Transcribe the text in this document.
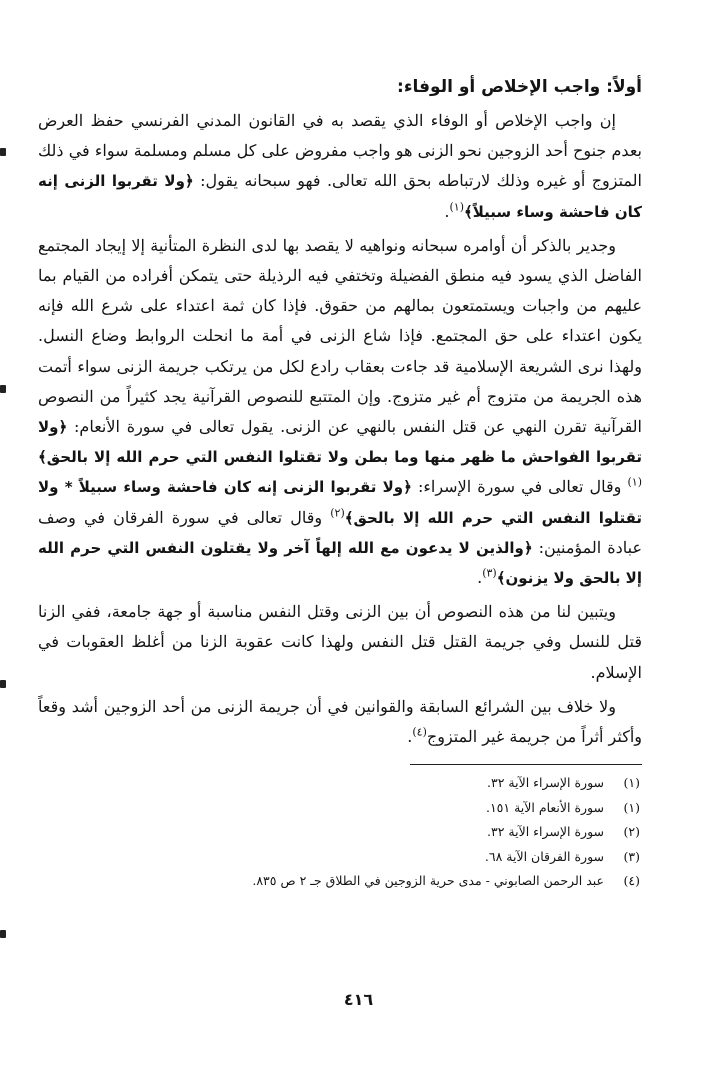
أولاً: واجب الإخلاص أو الوفاء:

إن واجب الإخلاص أو الوفاء الذي يقصد به في القانون المدني الفرنسي حفظ العرض بعدم جنوح أحد الزوجين نحو الزنى هو واجب مفروض على كل مسلم ومسلمة سواء في ذلك المتزوج أو غيره وذلك لارتباطه بحق الله تعالى. فهو سبحانه يقول: ﴿ولا تقربوا الزنى إنه كان فاحشة وساء سبيلاً﴾$^{(١)}$.

وجدير بالذكر أن أوامره سبحانه ونواهيه لا يقصد بها لدى النظرة المتأنية إلا إيجاد المجتمع الفاضل الذي يسود فيه منطق الفضيلة وتختفي فيه الرذيلة حتى يتمكن أفراده من القيام بما عليهم من واجبات ويستمتعون بمالهم من حقوق. فإذا كان ثمة اعتداء على شرع الله فإنه يكون اعتداء على حق المجتمع. فإذا شاع الزنى في أمة ما انحلت الروابط وضاع النسل. ولهذا نرى الشريعة الإسلامية قد جاءت بعقاب رادع لكل من يرتكب جريمة الزنى سواء أتمت هذه الجريمة من متزوج أم غير متزوج. وإن المتتبع للنصوص القرآنية يجد كثيراً من النصوص القرآنية تقرن النهي عن قتل النفس بالنهي عن الزنى. يقول تعالى في سورة الأنعام: ﴿ولا تقربوا الفواحش ما ظهر منها وما بطن ولا تقتلوا النفس التي حرم الله إلا بالحق﴾$^{(١)}$ وقال تعالى في سورة الإسراء: ﴿ولا تقربوا الزنى إنه كان فاحشة وساء سبيلاً * ولا تقتلوا النفس التي حرم الله إلا بالحق﴾$^{(٢)}$ وقال تعالى في سورة الفرقان في وصف عبادة المؤمنين: ﴿والذين لا يدعون مع الله إلهاً آخر ولا يقتلون النفس التي حرم الله إلا بالحق ولا يزنون﴾$^{(٣)}$.

ويتبين لنا من هذه النصوص أن بين الزنى وقتل النفس مناسبة أو جهة جامعة، ففي الزنا قتل للنسل وفي جريمة القتل قتل النفس ولهذا كانت عقوبة الزنا من أغلظ العقوبات في الإسلام.

ولا خلاف بين الشرائع السابقة والقوانين في أن جريمة الزنى من أحد الزوجين أشد وقعاً وأكثر أثراً من جريمة غير المتزوج$^{(٤)}$.

(١)
سورة الإسراء الآية ٣٢.

(١)
سورة الأنعام الآية ١٥١.

(٢)
سورة الإسراء الآية ٣٢.

(٣)
سورة الفرقان الآية ٦٨.

(٤)
عبد الرحمن الصابوني - مدى حرية الزوجين في الطلاق جـ ٢ ص ٨٣٥.

٤١٦
